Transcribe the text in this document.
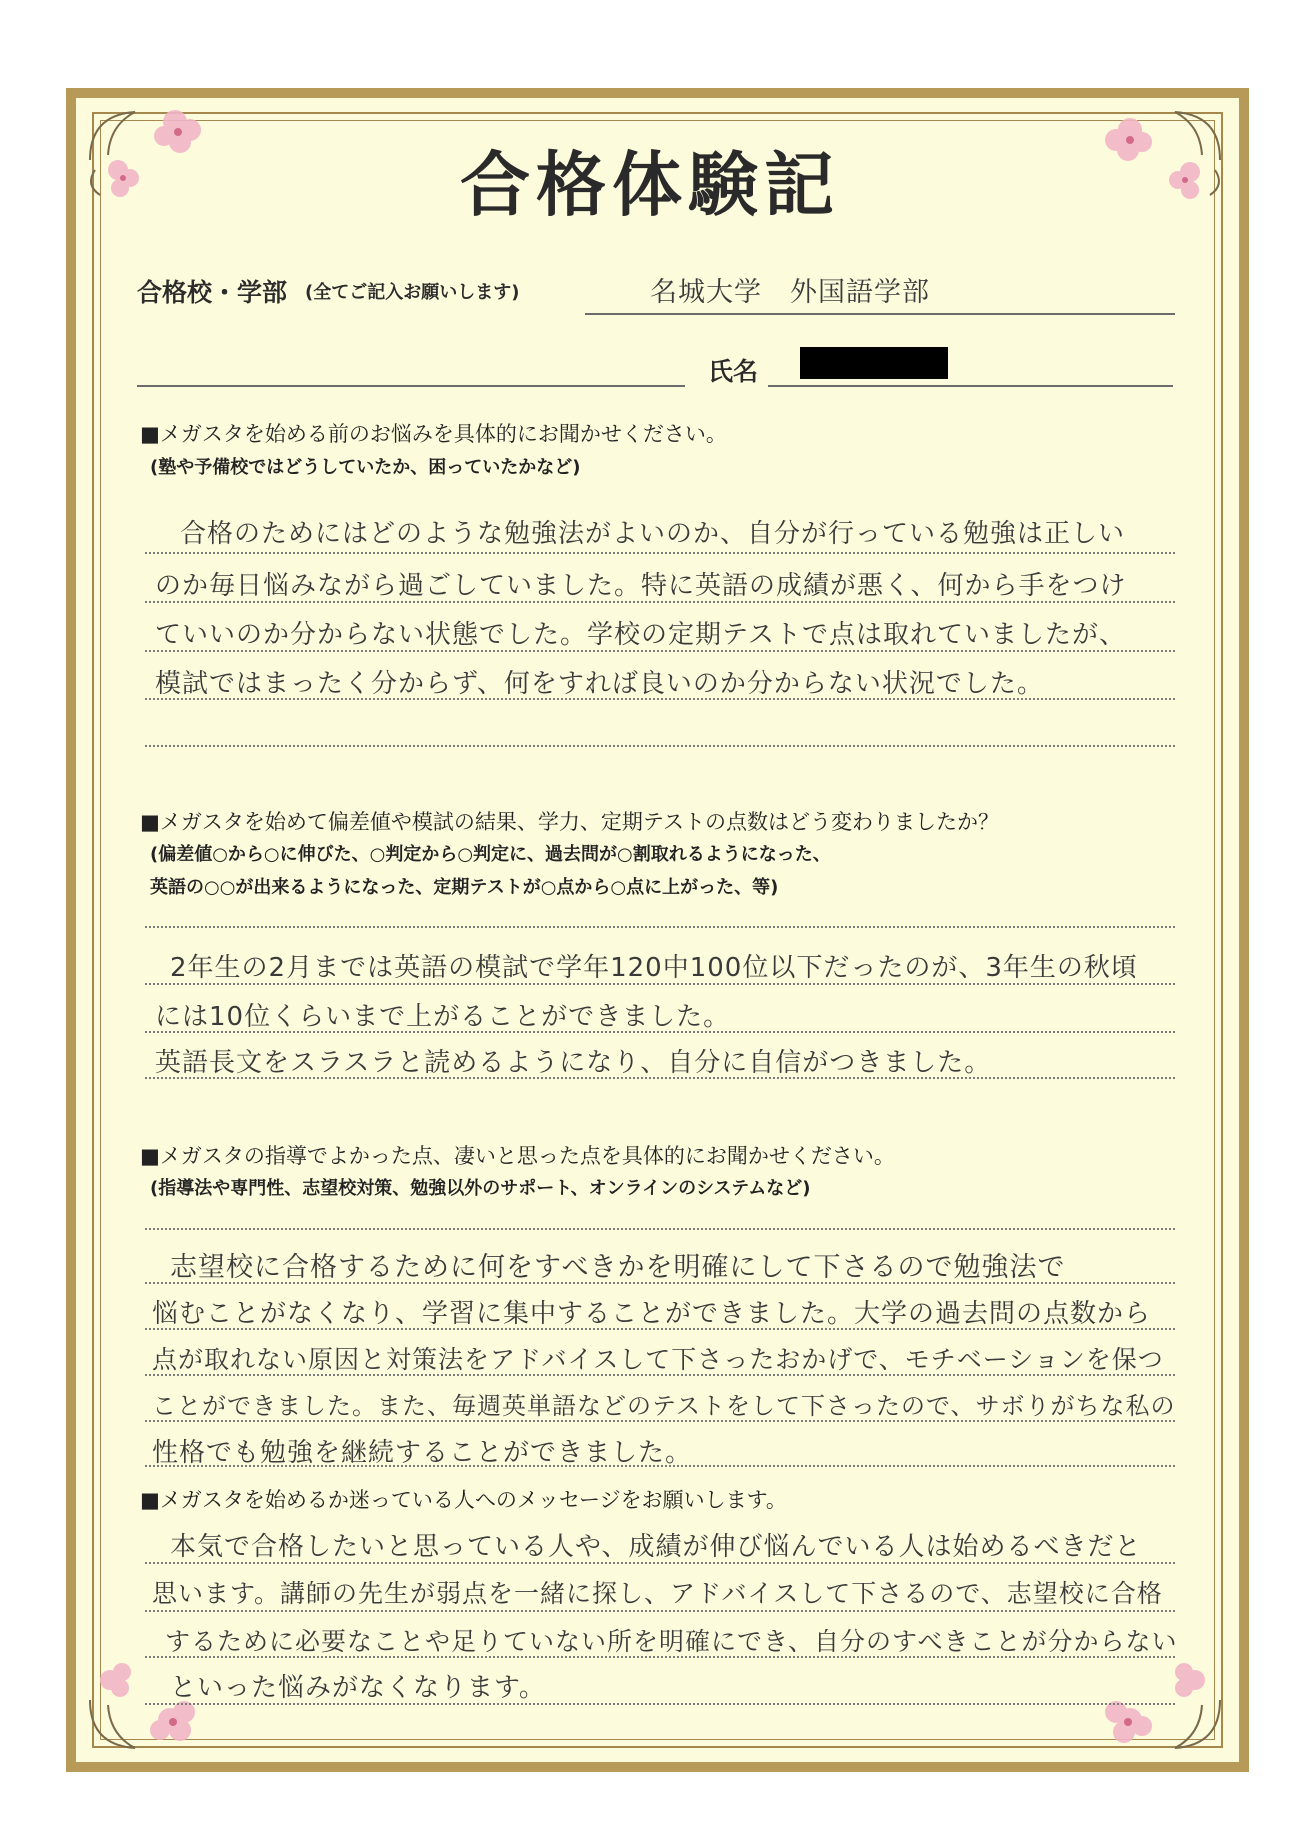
合格体験記
合格校・学部 (全てご記入お願いします)	名城大学　外国語学部
氏名
■メガスタを始める前のお悩みを具体的にお聞かせください。
(塾や予備校ではどうしていたか、困っていたかなど)
合格のためにはどのような勉強法がよいのか、自分が行っている勉強は正しい
のか毎日悩みながら過ごしていました。特に英語の成績が悪く、何から手をつけ
ていいのか分からない状態でした。学校の定期テストで点は取れていましたが、
模試ではまったく分からず、何をすれば良いのか分からない状況でした。
■メガスタを始めて偏差値や模試の結果、学力、定期テストの点数はどう変わりましたか？
(偏差値○から○に伸びた、○判定から○判定に、過去問が○割取れるようになった、
英語の○○が出来るようになった、定期テストが○点から○点に上がった、等)
2年生の2月までは英語の模試で学年120中100位以下だったのが、3年生の秋頃
には10位くらいまで上がることができました。
英語長文をスラスラと読めるようになり、自分に自信がつきました。
■メガスタの指導でよかった点、凄いと思った点を具体的にお聞かせください。
(指導法や専門性、志望校対策、勉強以外のサポート、オンラインのシステムなど)
志望校に合格するために何をすべきかを明確にして下さるので勉強法で
悩むことがなくなり、学習に集中することができました。大学の過去問の点数から
点が取れない原因と対策法をアドバイスして下さったおかげで、モチベーションを保つ
ことができました。また、毎週英単語などのテストをして下さったので、サボりがちな私の
性格でも勉強を継続することができました。
■メガスタを始めるか迷っている人へのメッセージをお願いします。
本気で合格したいと思っている人や、成績が伸び悩んでいる人は始めるべきだと
思います。講師の先生が弱点を一緒に探し、アドバイスして下さるので、志望校に合格
するために必要なことや足りていない所を明確にでき、自分のすべきことが分からない
といった悩みがなくなります。
